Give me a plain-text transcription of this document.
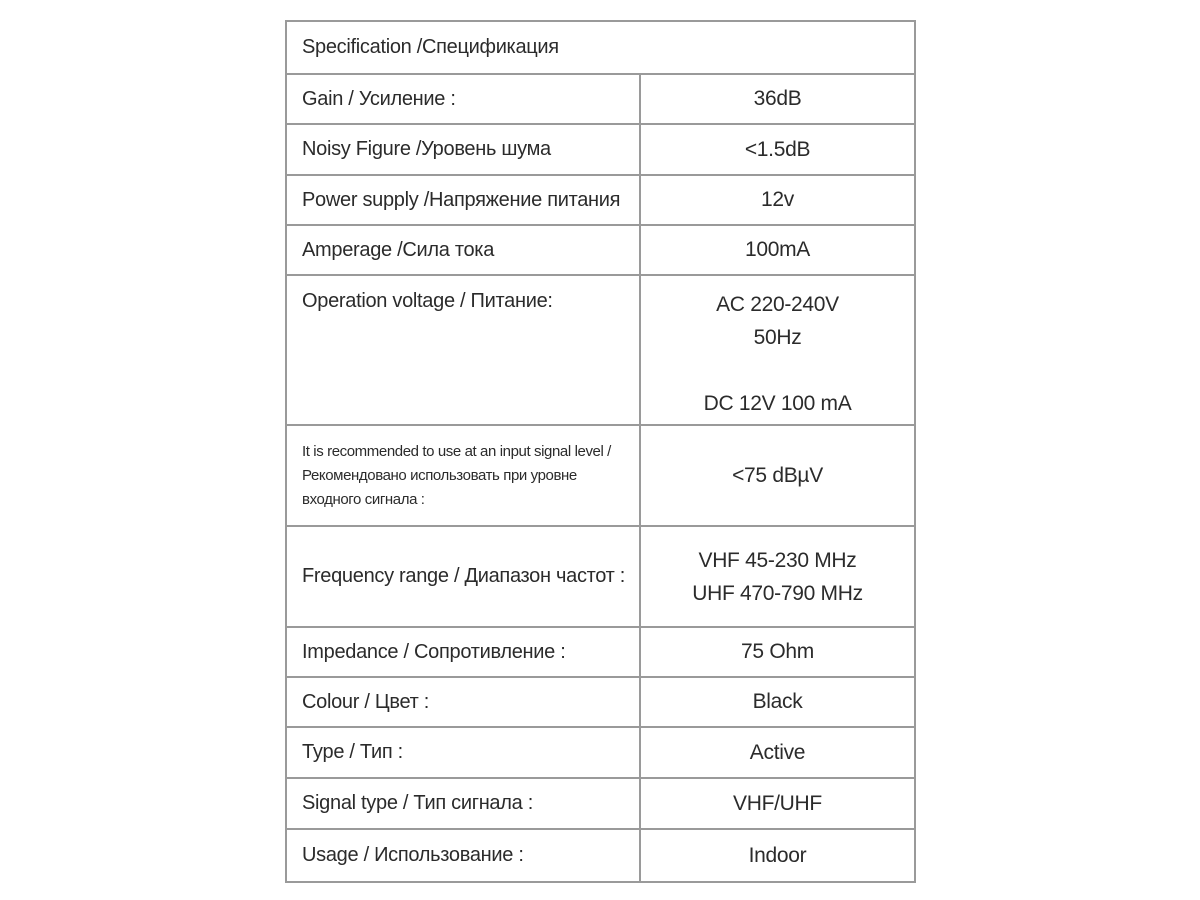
Specification /Спецификация	
Gain / Усиление :	36dB
Noisy Figure /Уровень шума	<1.5dB
Power supply /Напряжение питания	12v
Amperage /Сила тока	100mA
Operation voltage / Питание:	AC 220-240V
50Hz
DC 12V 100 mA

It is recommended to use at an input signal level /
Рекомендовано использовать при уровне
входного сигнала :	<75 dBµV
Frequency range / Диапазон частот :	VHF 45-230 MHz
UHF 470-790 MHz

Impedance / Сопротивление :	75 Ohm
Colour / Цвет :	Black
Type / Тип :	Active
Signal type / Тип сигнала :	VHF/UHF
Usage / Использование :	Indoor
